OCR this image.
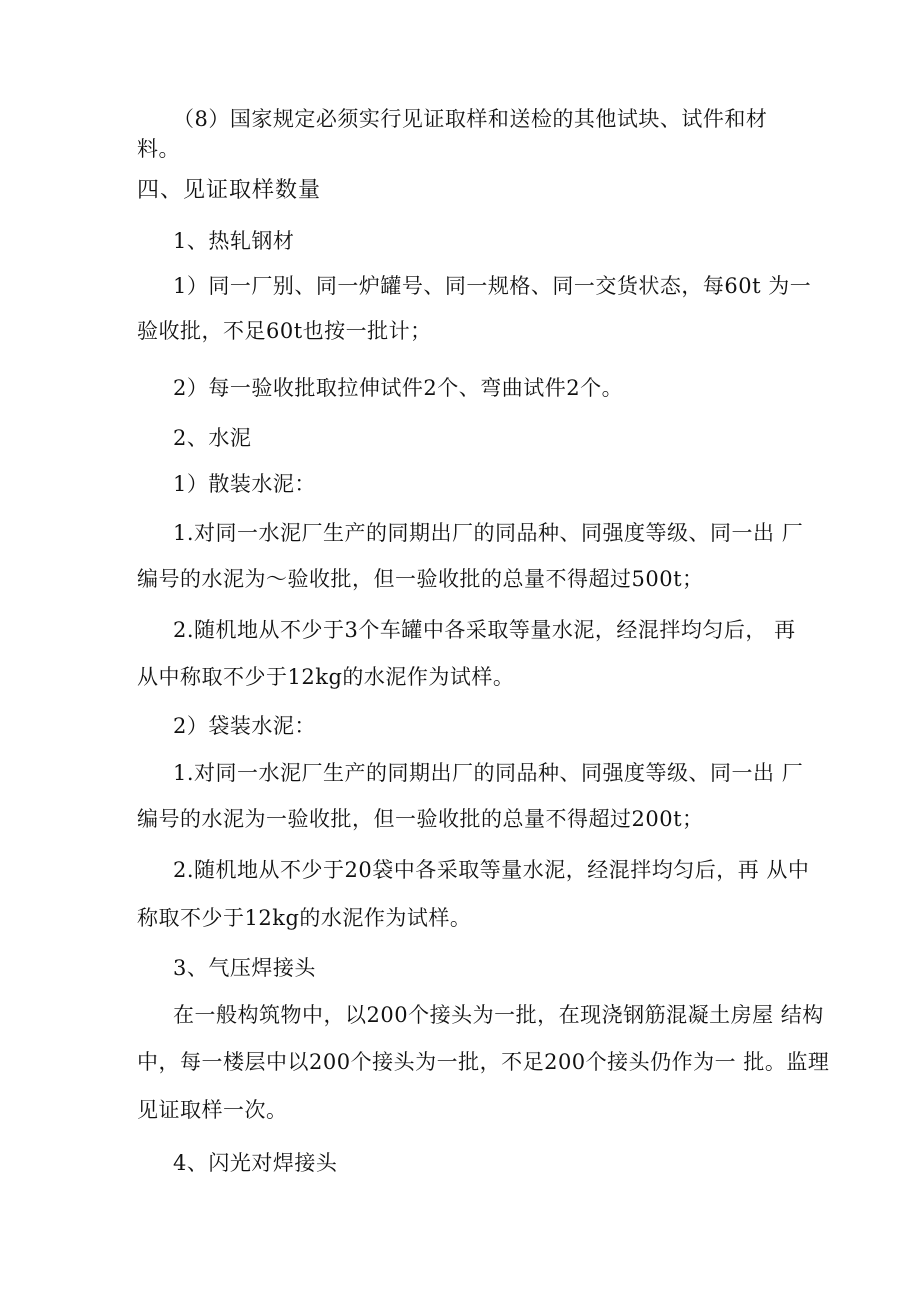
（8）国家规定必须实行见证取样和送检的其他试块、试件和材
料。
四、见证取样数量
1、热轧钢材
1）同一厂别、同一炉罐号、同一规格、同一交货状态，每60t 为一
验收批，不足60t也按一批计；
2）每一验收批取拉伸试件2个、弯曲试件2个。
2、水泥
1）散装水泥：
1.对同一水泥厂生产的同期出厂的同品种、同强度等级、同一出 厂
编号的水泥为～验收批，但一验收批的总量不得超过500t；
2.随机地从不少于3个车罐中各采取等量水泥，经混拌均匀后， 再
从中称取不少于12kg的水泥作为试样。
2）袋装水泥：
1.对同一水泥厂生产的同期出厂的同品种、同强度等级、同一出 厂
编号的水泥为一验收批，但一验收批的总量不得超过200t；
2.随机地从不少于20袋中各采取等量水泥，经混拌均匀后，再 从中
称取不少于12kg的水泥作为试样。
3、气压焊接头
在一般构筑物中，以200个接头为一批，在现浇钢筋混凝土房屋 结构
中，每一楼层中以200个接头为一批，不足200个接头仍作为一 批。监理
见证取样一次。
4、闪光对焊接头
